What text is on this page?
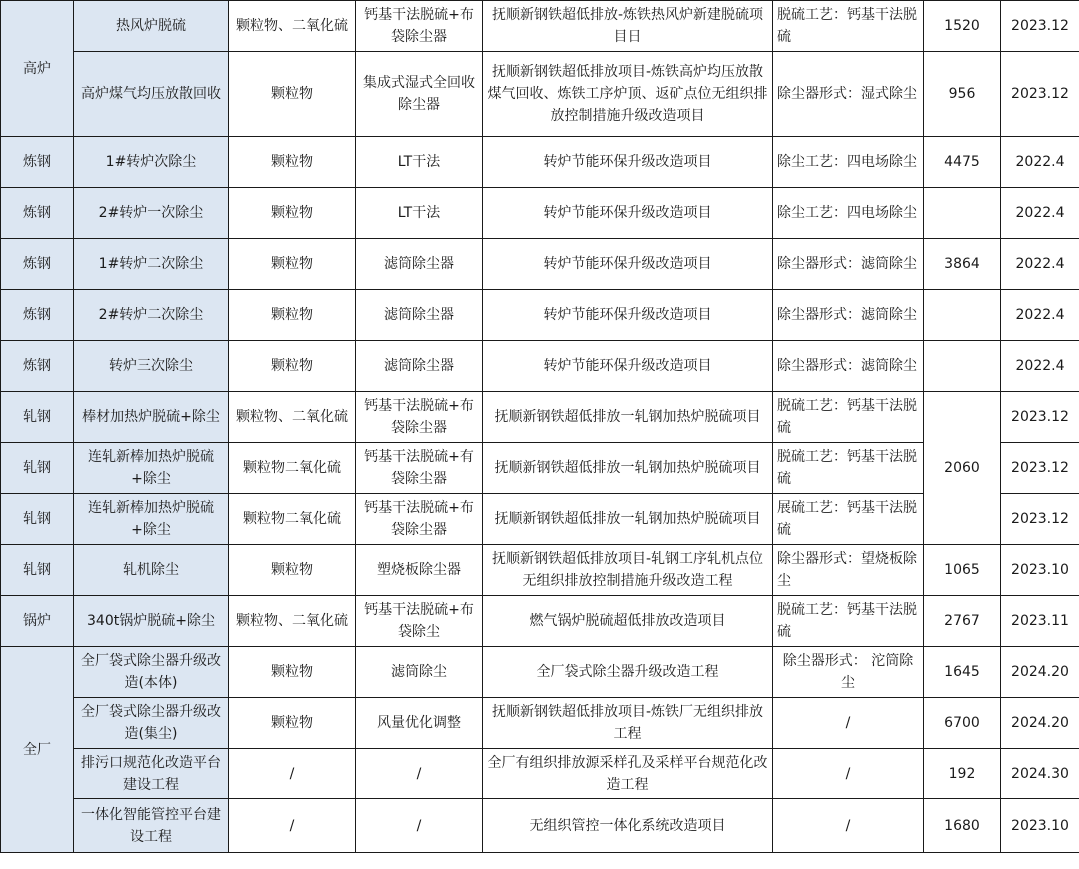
高炉	热风炉脱硫	颗粒物、二氧化硫	钙基干法脱硫+布袋除尘器	抚顺新钢铁超低排放-炼铁热风炉新建脱硫项目日	脱硫工艺：钙基干法脱硫	1520	2023.12
	高炉煤气均压放散回收	颗粒物	集成式湿式全回收除尘器	抚顺新钢铁超低排放项目-炼铁高炉均压放散煤气回收、炼铁工序炉顶、返矿点位无组织排放控制措施升级改造项目	除尘器形式：湿式除尘	956	2023.12
炼钢	1#转炉次除尘	颗粒物	LT干法	转炉节能环保升级改造项目	除尘工艺：四电场除尘	4475	2022.4
炼钢	2#转炉一次除尘	颗粒物	LT干法	转炉节能环保升级改造项目	除尘工艺：四电场除尘		2022.4
炼钢	1#转炉二次除尘	颗粒物	滤筒除尘器	转炉节能环保升级改造项目	除尘器形式：滤筒除尘	3864	2022.4
炼钢	2#转炉二次除尘	颗粒物	滤筒除尘器	转炉节能环保升级改造项目	除尘器形式：滤筒除尘		2022.4
炼钢	转炉三次除尘	颗粒物	滤筒除尘器	转炉节能环保升级改造项目	除尘器形式：滤筒除尘		2022.4
轧钢	棒材加热炉脱硫+除尘	颗粒物、二氧化硫	钙基干法脱硫+布袋除尘器	抚顺新钢铁超低排放一轧钢加热炉脱硫项目	脱硫工艺：钙基干法脱硫	2060	2023.12
轧钢	连轧新棒加热炉脱硫+除尘	颗粒物二氧化硫	钙基干法脱硫+有袋除尘器	抚顺新钢铁超低排放一轧钢加热炉脱硫项目	脱硫工艺：钙基干法脱硫		2023.12
轧钢	连轧新棒加热炉脱硫+除尘	颗粒物二氧化硫	钙基干法脱硫+布袋除尘器	抚顺新钢铁超低排放一轧钢加热炉脱硫项目	展硫工艺：钙基干法脱硫		2023.12
轧钢	轧机除尘	颗粒物	塑烧板除尘器	抚顺新钢铁超低排放项目-轧钢工序轧机点位无组织排放控制措施升级改造工程	除尘器形式：望烧板除尘	1065	2023.10
锅炉	340t锅炉脱硫+除尘	颗粒物、二氧化硫	钙基干法脱硫+布袋除尘	燃气锅炉脱硫超低排放改造项目	脱硫工艺：钙基干法脱硫	2767	2023.11
全厂	全厂袋式除尘器升级改造(本体)	颗粒物	滤筒除尘	全厂袋式除尘器升级改造工程	除尘器形式： 沱筒除尘	1645	2024.20
	全厂袋式除尘器升级改造(集尘)	颗粒物	风量优化调整	抚顺新钢铁超低排放项目-炼铁厂无组织排放工程	/	6700	2024.20
	排污口规范化改造平台建设工程	/	/	全厂有组织排放源采样孔及采样平台规范化改造工程	/	192	2024.30
	一体化智能管控平台建设工程	/	/	无组织管控一体化系统改造项目	/	1680	2023.10
